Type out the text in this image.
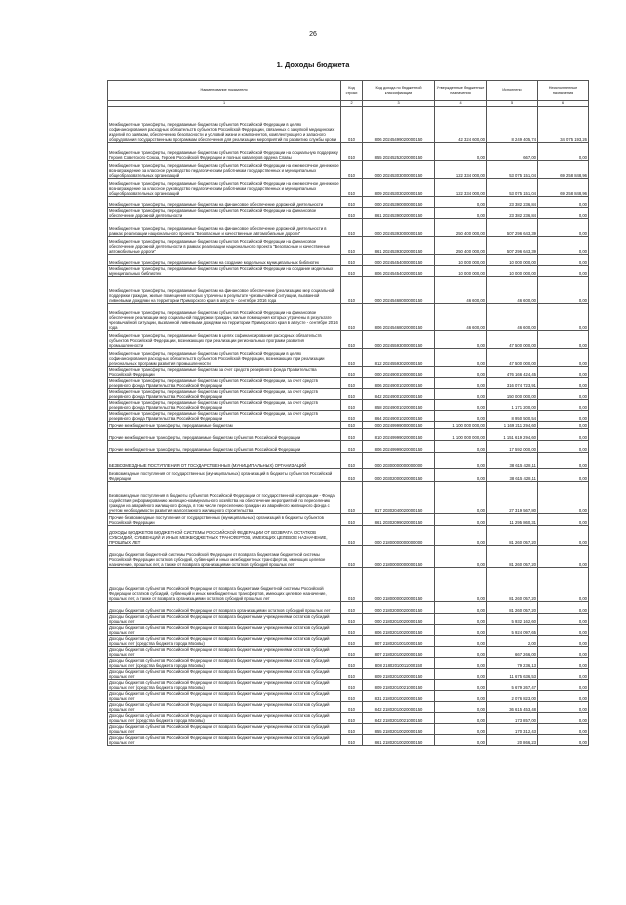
26
1. Доходы бюджета
Наименование показателя	Код строки	Код дохода по бюджетной классификации	Утвержденные бюджетные назначения	Исполнено	Неисполненные назначения
1	2	3	4	5	6
Межбюджетные трансферты, передаваемые бюджетам субъектов Российской Федерации в целях софинансирования расходных обязательств субъектов Российской Федерации, связанных с закупкой медицинских изделий по заявкам, обеспечению безопасности и условий жизни и компонентов, комплектующего и запасного оборудования государственным программам обеспечения для реализации мероприятий по развитию службы крови	010	806 20245499020000150	42 324 600,00	8 249 405,74	34 075 193,26
Межбюджетные трансферты, передаваемые бюджетам субъектов Российской Федерации на социальную поддержку Героев Советского Союза, Героев Российской Федерации и полных кавалеров ордена Славы	010	855 20245252020000150	0,00	667,00	0,00
Межбюджетные трансферты, передаваемые бюджетам субъектов Российской Федерации на ежемесячное денежное вознаграждение за классное руководство педагогическим работникам государственных и муниципальных общеобразовательных организаций	010	000 20245303000000150	122 334 000,00	53 075 151,04	69 258 848,96
Межбюджетные трансферты, передаваемые бюджетам субъектов Российской Федерации на ежемесячное денежное вознаграждение за классное руководство педагогическим работникам государственных и муниципальных общеобразовательных организаций	010	809 20245303020000150	122 334 000,00	53 075 151,04	69 258 848,96
Межбюджетные трансферты, передаваемые бюджетам на финансовое обеспечение дорожной деятельности	010	000 20245390000000150	0,00	23 382 236,84	0,00
Межбюджетные трансферты, передаваемые бюджетам субъектов Российской Федерации на финансовое обеспечение дорожной деятельности	010	861 20245390020000150	0,00	23 382 236,84	0,00
Межбюджетные трансферты, передаваемые бюджетам на финансовое обеспечение дорожной деятельности в рамках реализации национального проекта "Безопасные и качественные автомобильные дороги"	010	000 20245393000000150	250 400 000,00	507 296 643,39	0,00
Межбюджетные трансферты, передаваемые бюджетам субъектов Российской Федерации на финансовое обеспечение дорожной деятельности в рамках реализации национального проекта "Безопасные и качественные автомобильные дороги"	010	861 20245393020000150	250 400 000,00	507 296 643,39	0,00
Межбюджетные трансферты, передаваемые бюджетам на создание модельных муниципальных библиотек	010	000 20245454000000150	10 000 000,00	10 000 000,00	0,00
Межбюджетные трансферты, передаваемые бюджетам субъектов Российской Федерации на создание модельных муниципальных библиотек	010	806 20245454020000150	10 000 000,00	10 000 000,00	0,00
Межбюджетные трансферты, передаваемые бюджетам на финансовое обеспечение (реализацию мер социальной поддержки граждан, жилые помещения которых утрачены в результате чрезвычайной ситуации, вызванной ливневыми дождями на территории Приморского края в августе - сентябре 2016 года	010	000 20245468000000150	46 600,00	46 600,00	0,00
Межбюджетные трансферты, передаваемые бюджетам субъектов Российской Федерации на финансовое обеспечение реализации мер социальной поддержки граждан, жилые помещения которых утрачены в результате чрезвычайной ситуации, вызванной ливневыми дождями на территории Приморского края в августе - сентябре 2016 года	010	806 20245468020000150	46 600,00	46 600,00	0,00
Межбюджетные трансферты, передаваемые бюджетам в целях софинансирования расходных обязательств субъектов Российской Федерации, возникающих при реализации региональных программ развития промышленности	010	000 20245593000000150	0,00	47 500 000,00	0,00
Межбюджетные трансферты, передаваемые бюджетам субъектов Российской Федерации в целях софинансирования расходных обязательств субъектов Российской Федерации, возникающих при реализации региональных программ развития промышленности	010	812 20245593020000150	0,00	47 500 000,00	0,00
Межбюджетные трансферты, передаваемые бюджетам за счет средств резервного фонда Правительства Российской Федерации	010	000 20249001000000150	0,00	476 166 424,45	0,00
Межбюджетные трансферты, передаваемые бюджетам субъектов Российской Федерации, за счет средств резервного фонда Правительства Российской Федерации	010	806 20249001020000150	0,00	316 074 723,91	0,00
Межбюджетные трансферты, передаваемые бюджетам субъектов Российской Федерации, за счет средств резервного фонда Правительства Российской Федерации	010	842 20249001020000150	0,00	150 000 000,00	0,00
Межбюджетные трансферты, передаваемые бюджетам субъектов Российской Федерации, за счет средств резервного фонда Правительства Российской Федерации	010	858 20249001020000150	0,00	1 171 200,00	0,00
Межбюджетные трансферты, передаваемые бюджетам субъектов Российской Федерации, за счет средств резервного фонда Правительства Российской Федерации	010	864 20249001020000150	0,00	8 950 500,54	0,00
Прочие межбюджетные трансферты, передаваемые бюджетам	010	000 20249999000000150	1 100 000 000,00	1 169 211 294,60	0,00
Прочие межбюджетные трансферты, передаваемые бюджетам субъектов Российской Федерации	010	810 20249999020000150	1 100 000 000,00	1 151 619 294,60	0,00
Прочие межбюджетные трансферты, передаваемые бюджетам субъектов Российской Федерации	010	806 20249999020000150	0,00	17 592 000,00	0,00
БЕЗВОЗМЕЗДНЫЕ ПОСТУПЛЕНИЯ ОТ ГОСУДАРСТВЕННЫХ (МУНИЦИПАЛЬНЫХ) ОРГАНИЗАЦИЙ	010	000 20300000000000000	0,00	38 615 428,11	0,00
Безвозмездные поступления от государственных (муниципальных) организаций в бюджеты субъектов Российской Федерации	010	000 20302000020000150	0,00	38 615 428,11	0,00
Безвозмездные поступления в бюджеты субъектов Российской Федерации от государственной корпорации - Фонда содействия реформированию жилищно-коммунального хозяйства на обеспечение мероприятий по переселению граждан из аварийного жилищного фонда, в том числе переселению граждан из аварийного жилищного фонда с учетом необходимости развития малоэтажного жилищного строительства	010	817 20302040020000150	0,00	27 319 567,80	0,00
Прочие безвозмездные поступления от государственных (муниципальных) организаций в бюджеты субъектов Российской Федерации	010	861 20302099020000150	0,00	11 295 860,31	0,00
ДОХОДЫ БЮДЖЕТОВ БЮДЖЕТНОЙ СИСТЕМЫ РОССИЙСКОЙ ФЕДЕРАЦИИ ОТ ВОЗВРАТА ОСТАТКОВ СУБСИДИЙ, СУБВЕНЦИЙ И ИНЫХ МЕЖБЮДЖЕТНЫХ ТРАНСФЕРТОВ, ИМЕЮЩИХ ЦЕЛЕВОЕ НАЗНАЧЕНИЕ, ПРОШЛЫХ ЛЕТ	010	000 21800000000000000	0,00	81 260 057,20	0,00
Доходы бюджетов бюджетной системы Российской Федерации от возврата бюджетами бюджетной системы Российской Федерации остатков субсидий, субвенций и иных межбюджетных трансфертов, имеющих целевое назначение, прошлых лет, а также от возврата организациями остатков субсидий прошлых лет	010	000 21800000000000150	0,00	81 260 057,20	0,00
Доходы бюджетов субъектов Российской Федерации от возврата бюджетами бюджетной системы Российской Федерации остатков субсидий, субвенций и иных межбюджетных трансфертов, имеющих целевое назначение, прошлых лет, а также от возврата организациями остатков субсидий прошлых лет	010	000 21800000020000150	0,00	81 260 057,20	0,00
Доходы бюджетов субъектов Российской Федерации от возврата организациями остатков субсидий прошлых лет	010	000 21802000020000150	0,00	81 260 057,20	0,00
Доходы бюджетов субъектов Российской Федерации от возврата бюджетными учреждениями остатков субсидий прошлых лет	010	000 21802010020000150	0,00	5 932 162,60	0,00
Доходы бюджетов субъектов Российской Федерации от возврата бюджетными учреждениями остатков субсидий прошлых лет	010	806 21802010020000150	0,00	5 924 097,65	0,00
Доходы бюджетов субъектов Российской Федерации от возврата бюджетными учреждениями остатков субсидий прошлых лет (средства бюджета города Москвы)	010	807 21802010010000150	0,00	2,00	0,00
Доходы бюджетов субъектов Российской Федерации от возврата бюджетными учреждениями остатков субсидий прошлых лет	010	807 21802010020000150	0,00	667 266,00	0,00
Доходы бюджетов субъектов Российской Федерации от возврата бюджетными учреждениями остатков субсидий прошлых лет (средства бюджета города Москвы)	010	808 21802010011000150	0,00	79 236,13	0,00
Доходы бюджетов субъектов Российской Федерации от возврата бюджетными учреждениями остатков субсидий прошлых лет	010	809 21802010020000150	0,00	11 675 636,53	0,00
Доходы бюджетов субъектов Российской Федерации от возврата бюджетными учреждениями остатков субсидий прошлых лет (средства бюджета города Москвы)	010	809 21802010021000150	0,00	5 679 267,47	0,00
Доходы бюджетов субъектов Российской Федерации от возврата бюджетными учреждениями остатков субсидий прошлых лет	010	831 21802010020000150	0,00	2 076 823,00	0,00
Доходы бюджетов субъектов Российской Федерации от возврата бюджетными учреждениями остатков субсидий прошлых лет	010	842 21802010020000150	0,00	36 615 453,48	0,00
Доходы бюджетов субъектов Российской Федерации от возврата бюджетными учреждениями остатков субсидий прошлых лет (средства бюджета города Москвы)	010	842 21802010021000150	0,00	173 857,00	0,00
Доходы бюджетов субъектов Российской Федерации от возврата бюджетными учреждениями остатков субсидий прошлых лет	010	855 21802010020000150	0,00	170 312,43	0,00
Доходы бюджетов субъектов Российской Федерации от возврата бюджетными учреждениями остатков субсидий прошлых лет	010	861 21802010020000150	0,00	20 866,23	0,00
